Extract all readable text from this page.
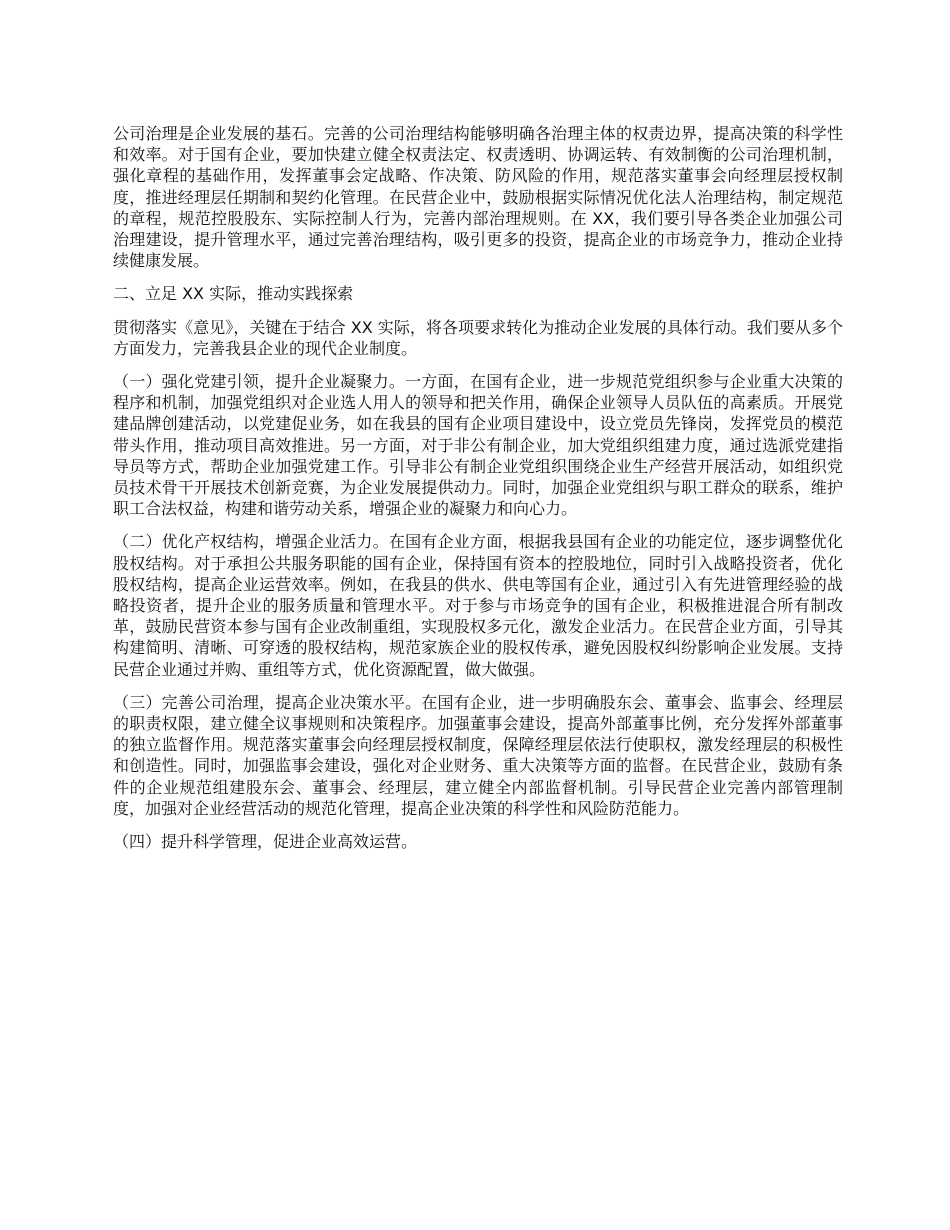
公司治理是企业发展的基石。完善的公司治理结构能够明确各治理主体的权责边界，提高决策的科学性和效率。对于国有企业，要加快建立健全权责法定、权责透明、协调运转、有效制衡的公司治理机制，强化章程的基础作用，发挥董事会定战略、作决策、防风险的作用，规范落实董事会向经理层授权制度，推进经理层任期制和契约化管理。在民营企业中，鼓励根据实际情况优化法人治理结构，制定规范的章程，规范控股股东、实际控制人行为，完善内部治理规则。在 XX，我们要引导各类企业加强公司治理建设，提升管理水平，通过完善治理结构，吸引更多的投资，提高企业的市场竞争力，推动企业持续健康发展。

二、立足 XX 实际，推动实践探索

贯彻落实《意见》，关键在于结合 XX 实际，将各项要求转化为推动企业发展的具体行动。我们要从多个方面发力，完善我县企业的现代企业制度。

（一）强化党建引领，提升企业凝聚力。一方面，在国有企业，进一步规范党组织参与企业重大决策的程序和机制，加强党组织对企业选人用人的领导和把关作用，确保企业领导人员队伍的高素质。开展党建品牌创建活动，以党建促业务，如在我县的国有企业项目建设中，设立党员先锋岗，发挥党员的模范带头作用，推动项目高效推进。另一方面，对于非公有制企业，加大党组织组建力度，通过选派党建指导员等方式，帮助企业加强党建工作。引导非公有制企业党组织围绕企业生产经营开展活动，如组织党员技术骨干开展技术创新竞赛，为企业发展提供动力。同时，加强企业党组织与职工群众的联系，维护职工合法权益，构建和谐劳动关系，增强企业的凝聚力和向心力。

（二）优化产权结构，增强企业活力。在国有企业方面，根据我县国有企业的功能定位，逐步调整优化股权结构。对于承担公共服务职能的国有企业，保持国有资本的控股地位，同时引入战略投资者，优化股权结构，提高企业运营效率。例如，在我县的供水、供电等国有企业，通过引入有先进管理经验的战略投资者，提升企业的服务质量和管理水平。对于参与市场竞争的国有企业，积极推进混合所有制改革，鼓励民营资本参与国有企业改制重组，实现股权多元化，激发企业活力。在民营企业方面，引导其构建简明、清晰、可穿透的股权结构，规范家族企业的股权传承，避免因股权纠纷影响企业发展。支持民营企业通过并购、重组等方式，优化资源配置，做大做强。

（三）完善公司治理，提高企业决策水平。在国有企业，进一步明确股东会、董事会、监事会、经理层的职责权限，建立健全议事规则和决策程序。加强董事会建设，提高外部董事比例，充分发挥外部董事的独立监督作用。规范落实董事会向经理层授权制度，保障经理层依法行使职权，激发经理层的积极性和创造性。同时，加强监事会建设，强化对企业财务、重大决策等方面的监督。在民营企业，鼓励有条件的企业规范组建股东会、董事会、经理层，建立健全内部监督机制。引导民营企业完善内部管理制度，加强对企业经营活动的规范化管理，提高企业决策的科学性和风险防范能力。

（四）提升科学管理，促进企业高效运营。
